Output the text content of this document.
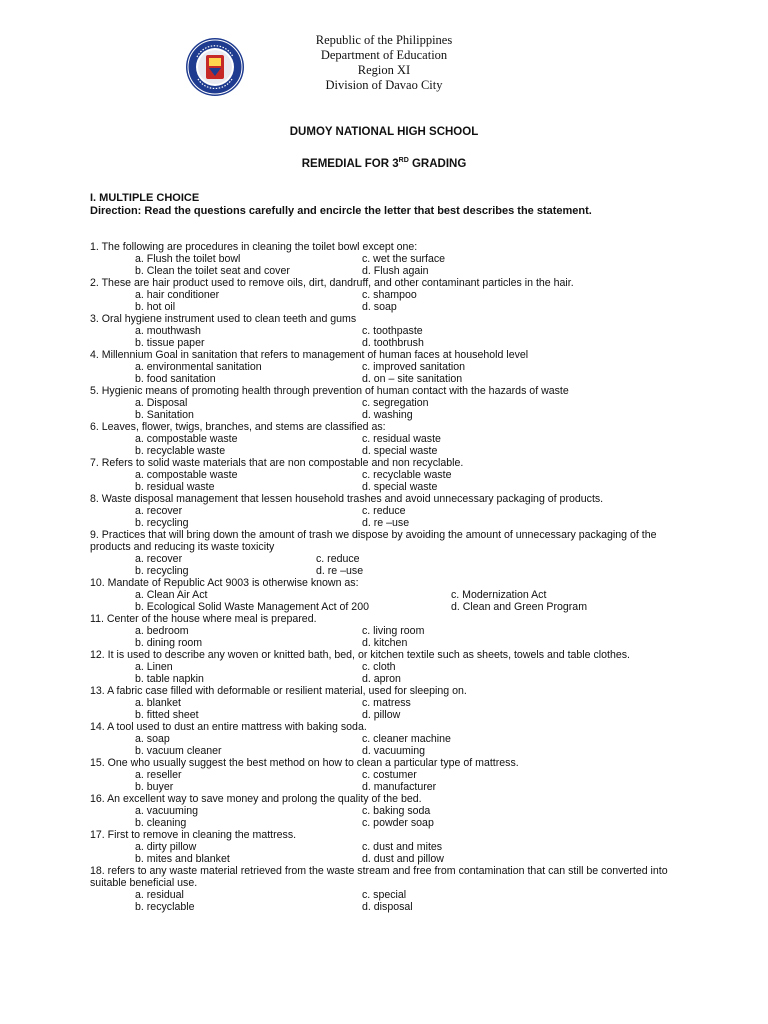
Republic of the Philippines
Department of Education
Region XI
Division of Davao City
DUMOY NATIONAL HIGH SCHOOL
REMEDIAL FOR 3RD GRADING
I. MULTIPLE CHOICE
Direction: Read the questions carefully and encircle the letter that best describes the statement.
1. The following are procedures in cleaning the toilet bowl except one:
a. Flush the toilet bowl	c. wet the surface
b. Clean the toilet seat and cover	d. Flush again
2. These are hair product used to remove oils, dirt, dandruff, and other contaminant particles in the hair.
a. hair conditioner	c. shampoo
b. hot oil	d. soap
3. Oral hygiene instrument used to clean teeth and gums
a. mouthwash	c. toothpaste
b. tissue paper	d. toothbrush
4. Millennium Goal in sanitation that refers to management of human faces at household level
a. environmental sanitation	c. improved sanitation
b. food sanitation	d. on – site sanitation
5. Hygienic means of promoting health through prevention of human contact with the hazards of waste
a. Disposal	c. segregation
b. Sanitation	d. washing
6. Leaves, flower, twigs, branches, and stems are classified as:
a. compostable waste	c. residual waste
b. recyclable waste	d. special waste
7. Refers to solid waste materials that are non compostable and non recyclable.
a. compostable waste	c. recyclable waste
b. residual waste	d. special waste
8. Waste disposal management that lessen household trashes and avoid unnecessary packaging of products.
a. recover	c. reduce
b. recycling	d. re –use
9. Practices that will bring down the amount of trash we dispose by avoiding the amount of unnecessary packaging of the products and reducing its waste toxicity
a. recover	c. reduce
b. recycling	d. re –use
10. Mandate of Republic Act 9003 is otherwise known as:
a. Clean Air Act	c. Modernization Act
b. Ecological Solid Waste Management Act of 200	d. Clean and Green Program
11. Center of the house where meal is prepared.
a. bedroom	c. living room
b. dining room	d. kitchen
12. It is used to describe any woven or knitted bath, bed, or kitchen textile such as sheets, towels and table clothes.
a. Linen	c. cloth
b. table napkin	d. apron
13. A fabric case filled with deformable or resilient material, used for sleeping on.
a. blanket	c. matress
b. fitted sheet	d. pillow
14. A tool used to dust an entire mattress with baking soda.
a. soap	c. cleaner machine
b. vacuum cleaner	d. vacuuming
15. One who usually suggest the best method on how to clean a particular type of mattress.
a. reseller	c. costumer
b. buyer	d. manufacturer
16. An excellent way to save money and prolong the quality of the bed.
a. vacuuming	c. baking soda
b. cleaning	c. powder soap
17. First to remove in cleaning the mattress.
a. dirty pillow	c. dust and mites
b. mites and blanket	d. dust and pillow
18. refers to any waste material retrieved from the waste stream and free from contamination that can still be converted into suitable beneficial use.
a. residual	c. special
b. recyclable	d. disposal
